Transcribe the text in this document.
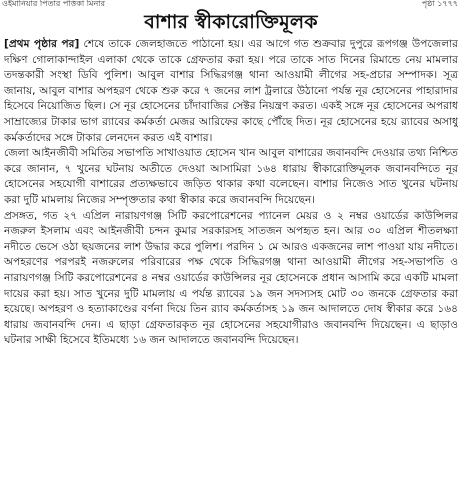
ওইমানিয়ার পিতার পত্তিকা মিনার	পৃষ্ঠা ১৭৭৭
বাশার স্বীকারোক্তিমূলক

[প্রথম পৃষ্ঠার পর] শেষে তাকে জেলহাজতে পাঠানো হয়। এর আগে গত শুক্রবার দুপুরে রূপগঞ্জ উপজেলার দক্ষিণ গোলাকান্দাইল এলাকা থেকে তাকে গ্রেফতার করা হয়। পরে তাকে সাত দিনের রিমান্ডে নেয় মামলার তদন্তকারী সংস্থা ডিবি পুলিশ। আবুল বাশার সিদ্ধিরগঞ্জ থানা আওয়ামী লীগের সহ-প্রচার সম্পাদক। সূত্র জানায়, আবুল বাশার অপহরণ থেকে শুরু করে ৭ জনের লাশ ট্রলারে উঠানো পর্যন্ত নূর হোসেনের পাহারাদার হিসেবে নিয়োজিত ছিল। সে নূর হোসেনের চাঁদাবাজির সেক্টর নিয়ন্ত্রণ করত। একই সঙ্গে নূর হোসেনের অপরাধ সাম্রাজ্যের টাকার ভাগ র‌্যাবের কর্মকর্তা মেজর আরিফের কাছে পৌঁছে দিত। নূর হোসেনের হয়ে র‌্যাবের অসাধু কর্মকর্তাদের সঙ্গে টাকার লেনদেন করত এই বাশার।

জেলা আইনজীবী সমিতির সভাপতি সাখাওয়াত হোসেন খান আবুল বাশারের জবানবন্দি দেওয়ার তথ্য নিশ্চিত করে জানান, ৭ খুনের ঘটনায় অতীতে দেওয়া আসামিরা ১৬৪ ধারায় স্বীকারোক্তিমূলক জবানবন্দিতে নূর হোসেনের সহযোগী বাশারের প্রত্যক্ষভাবে জড়িত থাকার কথা বলেছেন। বাশার নিজেও সাত খুনের ঘটনায় করা দুটি মামলায় নিজের সম্পৃক্ততার কথা স্বীকার করে জবানবন্দি দিয়েছেন।

প্রসঙ্গত, গত ২৭ এপ্রিল নারায়ণগঞ্জ সিটি করপোরেশনের প্যানেল মেয়র ও ২ নম্বর ওয়ার্ডের কাউন্সিলর নজরুল ইসলাম এবং আইনজীবী চন্দন কুমার সরকারসহ সাতজন অপহৃত হন। আর ৩০ এপ্রিল শীতলক্ষ্যা নদীতে ভেসে ওঠা ছয়জনের লাশ উদ্ধার করে পুলিশ। পরদিন ১ মে আরও একজনের লাশ পাওয়া যায় নদীতে। অপহরণের পরপরই নজরুলের পরিবারের পক্ষ থেকে সিদ্ধিরগঞ্জ থানা আওয়ামী লীগের সহ-সভাপতি ও নারায়ণগঞ্জ সিটি করপোরেশনের ৪ নম্বর ওয়ার্ডের কাউন্সিলর নূর হোসেনকে প্রধান আসামি করে একটি মামলা দায়ের করা হয়। সাত খুনের দুটি মামলায় এ পর্যন্ত র‌্যাবের ১৯ জন সদস্যসহ মোট ৩০ জনকে গ্রেফতার করা হয়েছে। অপহরণ ও হত্যাকাণ্ডের বর্ণনা দিয়ে তিন র‌্যাব কর্মকর্তাসহ ১৯ জন আদালতে দোষ স্বীকার করে ১৬৪ ধারায় জবানবন্দি দেন। এ ছাড়া গ্রেফতারকৃত নূর হোসেনের সহযোগীরাও জবানবন্দি দিয়েছেন। এ ছাড়াও ঘটনার সাক্ষী হিসেবে ইতিমধ্যে ১৬ জন আদালতে জবানবন্দি দিয়েছেন।
